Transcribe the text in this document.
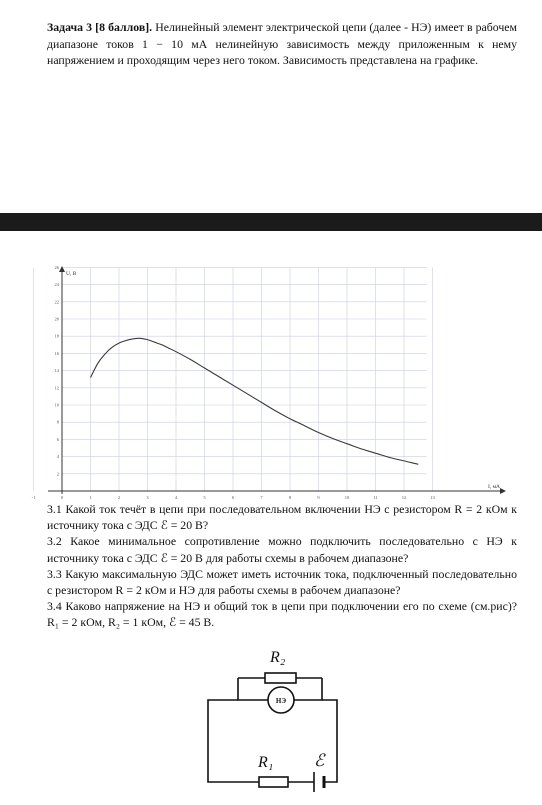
Задача 3 [8 баллов]. Нелинейный элемент электрической цепи (далее - НЭ) имеет в рабочем диапазоне токов 1 − 10 мА нелинейную зависимость между приложенным к нему напряжением и проходящим через него током. Зависимость представлена на графике.
U, В
I, мА
-1	0	1	2	3	4	5	6	7	8	9	10	11	12	13
2
4
6
8
10
12
14
16
18
20
22
24
26

3.1 Какой ток течёт в цепи при последовательном включении НЭ с резистором R = 2 кОм к источнику тока с ЭДС ℰ = 20 В?

3.2 Какое минимальное сопротивление можно подключить последовательно с НЭ к источнику тока с ЭДС ℰ = 20 В для работы схемы в рабочем диапазоне?

3.3 Какую максимальную ЭДС может иметь источник тока, подключенный последовательно с резистором R = 2 кОм и НЭ для работы схемы в рабочем диапазоне?

3.4 Каково напряжение на НЭ и общий ток в цепи при подключении его по схеме (см.рис)? R₁ = 2 кОм, R₂ = 1 кОм, ℰ = 45 В.

R₂
НЭ
R₁ ℰ
